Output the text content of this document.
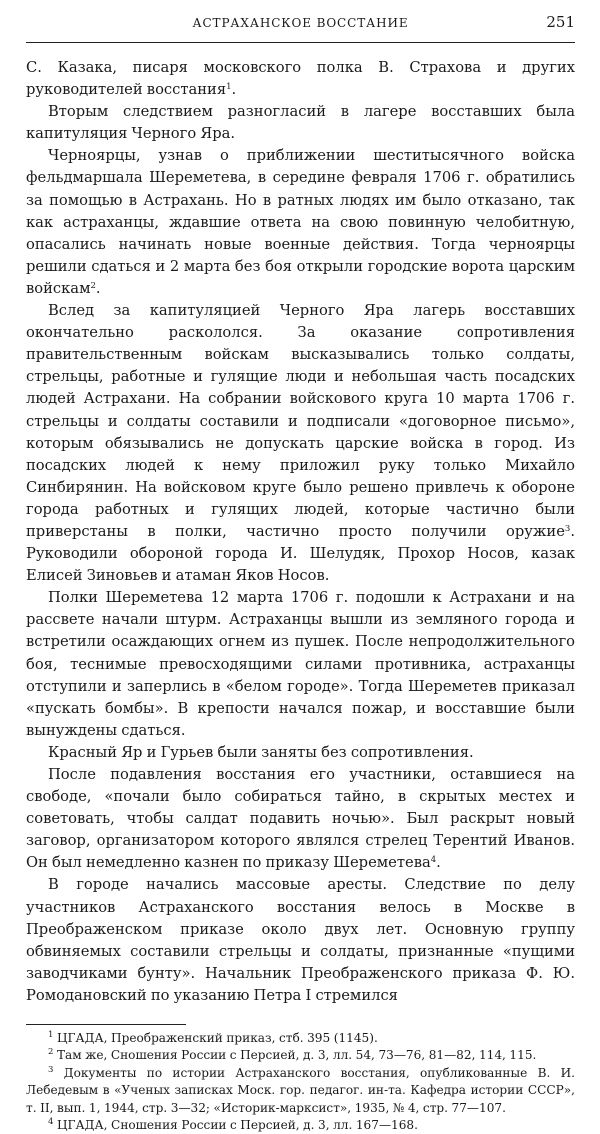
АСТРАХАНСКОЕ ВОССТАНИЕ	251

С. Казака, писаря московского полка В. Страхова и других руководителей восстания$^1$.

Вторым следствием разногласий в лагере восставших была капитуляция Черного Яра.

Черноярцы, узнав о приближении шеститысячного войска фельдмаршала Шереметева, в середине февраля 1706 г. обратились за помощью в Астрахань. Но в ратных людях им было отказано, так как астраханцы, ждавшие ответа на свою повинную челобитную, опасались начинать новые военные действия. Тогда черноярцы решили сдаться и 2 марта без боя открыли городские ворота царским войскам$^2$.

Вслед за капитуляцией Черного Яра лагерь восставших окончательно раскололся. За оказание сопротивления правительственным войскам высказывались только солдаты, стрельцы, работные и гулящие люди и небольшая часть посадских людей Астрахани. На собрании войскового круга 10 марта 1706 г. стрельцы и солдаты составили и подписали «договорное письмо», которым обязывались не допускать царские войска в город. Из посадских людей к нему приложил руку только Михайло Синбирянин. На войсковом круге было решено привлечь к обороне города работных и гулящих людей, которые частично были приверстаны в полки, частично просто получили оружие$^3$. Руководили обороной города И. Шелудяк, Прохор Носов, казак Елисей Зиновьев и атаман Яков Носов.

Полки Шереметева 12 марта 1706 г. подошли к Астрахани и на рассвете начали штурм. Астраханцы вышли из земляного города и встретили осаждающих огнем из пушек. После непродолжительного боя, теснимые превосходящими силами противника, астраханцы отступили и заперлись в «белом городе». Тогда Шереметев приказал «пускать бомбы». В крепости начался пожар, и восставшие были вынуждены сдаться.

Красный Яр и Гурьев были заняты без сопротивления.

После подавления восстания его участники, оставшиеся на свободе, «почали было собираться тайно, в скрытых местех и советовать, чтобы салдат подавить ночью». Был раскрыт новый заговор, организатором которого являлся стрелец Терентий Иванов. Он был немедленно казнен по приказу Шереметева$^4$.

В городе начались массовые аресты. Следствие по делу участников Астраханского восстания велось в Москве в Преображенском приказе около двух лет. Основную группу обвиняемых составили стрельцы и солдаты, признанные «пущими заводчиками бунту». Начальник Преображенского приказа Ф. Ю. Ромодановский по указанию Петра I стремился

$^1$ ЦГАДА, Преображенский приказ, стб. 395 (1145).

$^2$ Там же, Сношения России с Персией, д. 3, лл. 54, 73—76, 81—82, 114, 115.

$^3$ Документы по истории Астраханского восстания, опубликованные В. И. Лебедевым в «Ученых записках Моск. гор. педагог. ин-та. Кафедра истории СССР», т. II, вып. 1, 1944, стр. 3—32; «Историк-марксист», 1935, № 4, стр. 77—107.

$^4$ ЦГАДА, Сношения России с Персией, д. 3, лл. 167—168.
